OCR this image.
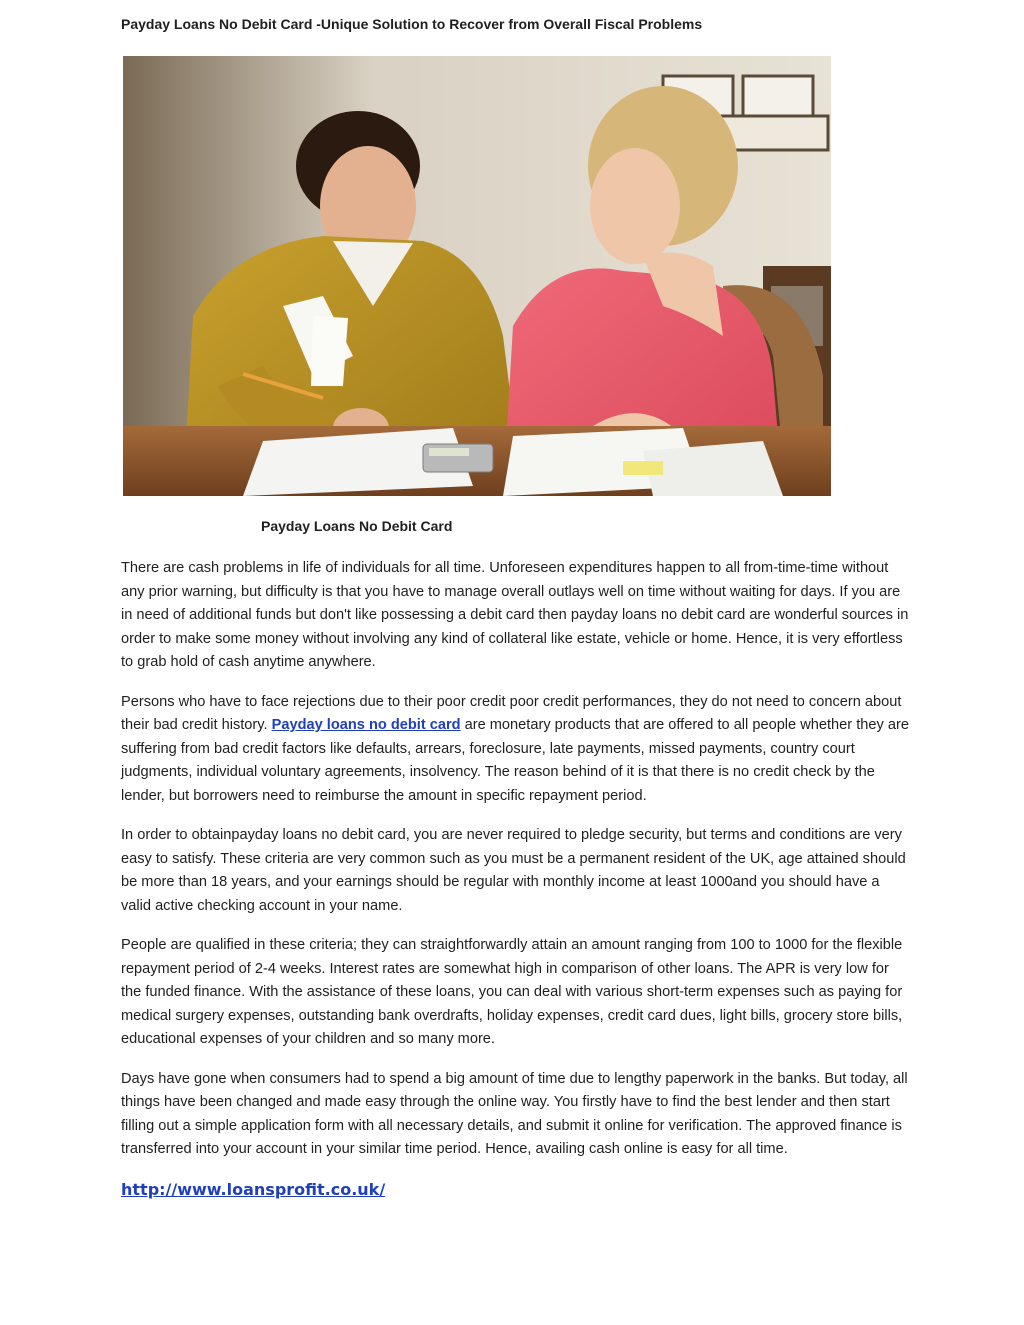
Payday Loans No Debit Card -Unique Solution to Recover from Overall Fiscal Problems
Payday Loans No Debit Card

There are cash problems in life of individuals for all time. Unforeseen expenditures happen to all from-time-time without any prior warning, but difficulty is that you have to manage overall outlays well on time without waiting for days. If you are in need of additional funds but don't like possessing a debit card then payday loans no debit card are wonderful sources in order to make some money without involving any kind of collateral like estate, vehicle or home. Hence, it is very effortless to grab hold of cash anytime anywhere.

Persons who have to face rejections due to their poor credit poor credit performances, they do not need to concern about their bad credit history. Payday loans no debit card are monetary products that are offered to all people whether they are suffering from bad credit factors like defaults, arrears, foreclosure, late payments, missed payments, country court judgments, individual voluntary agreements, insolvency. The reason behind of it is that there is no credit check by the lender, but borrowers need to reimburse the amount in specific repayment period.

In order to obtainpayday loans no debit card, you are never required to pledge security, but terms and conditions are very easy to satisfy. These criteria are very common such as you must be a permanent resident of the UK, age attained should be more than 18 years, and your earnings should be regular with monthly income at least 1000and you should have a valid active checking account in your name.

People are qualified in these criteria; they can straightforwardly attain an amount ranging from 100 to 1000 for the flexible repayment period of 2-4 weeks. Interest rates are somewhat high in comparison of other loans. The APR is very low for the funded finance. With the assistance of these loans, you can deal with various short-term expenses such as paying for medical surgery expenses, outstanding bank overdrafts, holiday expenses, credit card dues, light bills, grocery store bills, educational expenses of your children and so many more.

Days have gone when consumers had to spend a big amount of time due to lengthy paperwork in the banks. But today, all things have been changed and made easy through the online way. You firstly have to find the best lender and then start filling out a simple application form with all necessary details, and submit it online for verification. The approved finance is transferred into your account in your similar time period. Hence, availing cash online is easy for all time.

http://www.loansprofit.co.uk/
